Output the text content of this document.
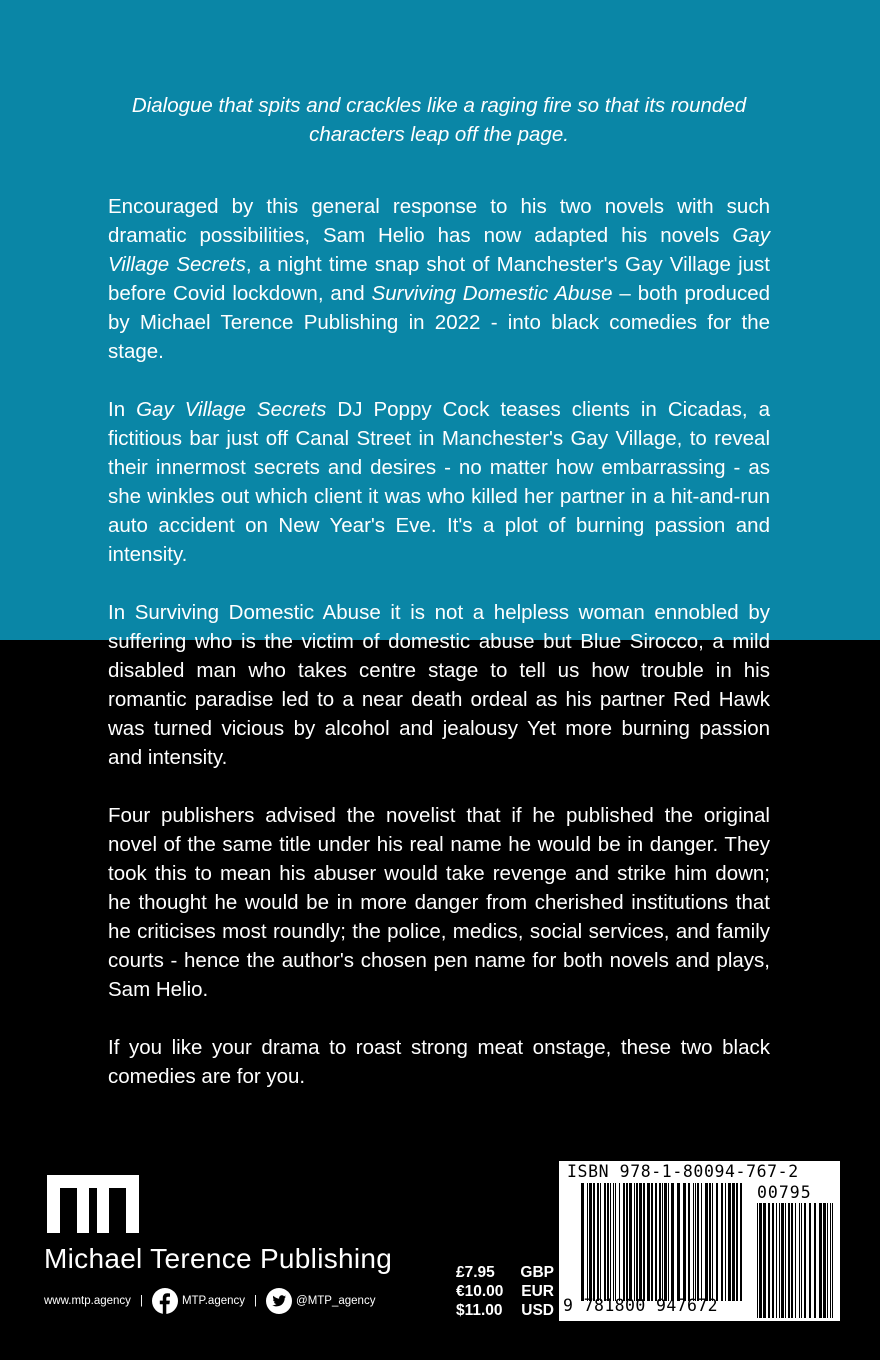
Dialogue that spits and crackles like a raging fire so that its rounded characters leap off the page.

Encouraged by this general response to his two novels with such dramatic possibilities, Sam Helio has now adapted his novels Gay Village Secrets, a night time snap shot of Manchester's Gay Village just before Covid lockdown, and Surviving Domestic Abuse – both produced by Michael Terence Publishing in 2022 - into black comedies for the stage.

In Gay Village Secrets DJ Poppy Cock teases clients in Cicadas, a fictitious bar just off Canal Street in Manchester's Gay Village, to reveal their innermost secrets and desires - no matter how embarrassing - as she winkles out which client it was who killed her partner in a hit-and-run auto accident on New Year's Eve. It's a plot of burning passion and intensity.

In Surviving Domestic Abuse it is not a helpless woman ennobled by suffering who is the victim of domestic abuse but Blue Sirocco, a mild disabled man who takes centre stage to tell us how trouble in his romantic paradise led to a near death ordeal as his partner Red Hawk was turned vicious by alcohol and jealousy Yet more burning passion and intensity.

Four publishers advised the novelist that if he published the original novel of the same title under his real name he would be in danger. They took this to mean his abuser would take revenge and strike him down; he thought he would be in more danger from cherished institutions that he criticises most roundly; the police, medics, social services, and family courts - hence the author's chosen pen name for both novels and plays, Sam Helio.

If you like your drama to roast strong meat onstage, these two black comedies are for you.

Michael Terence Publishing
www.mtp.agency |	MTP.agency |	@MTP_agency
£7.95 GBP
€10.00 EUR
$11.00 USD
ISBN 978-1-80094-767-2
00795
9 781800 947672
